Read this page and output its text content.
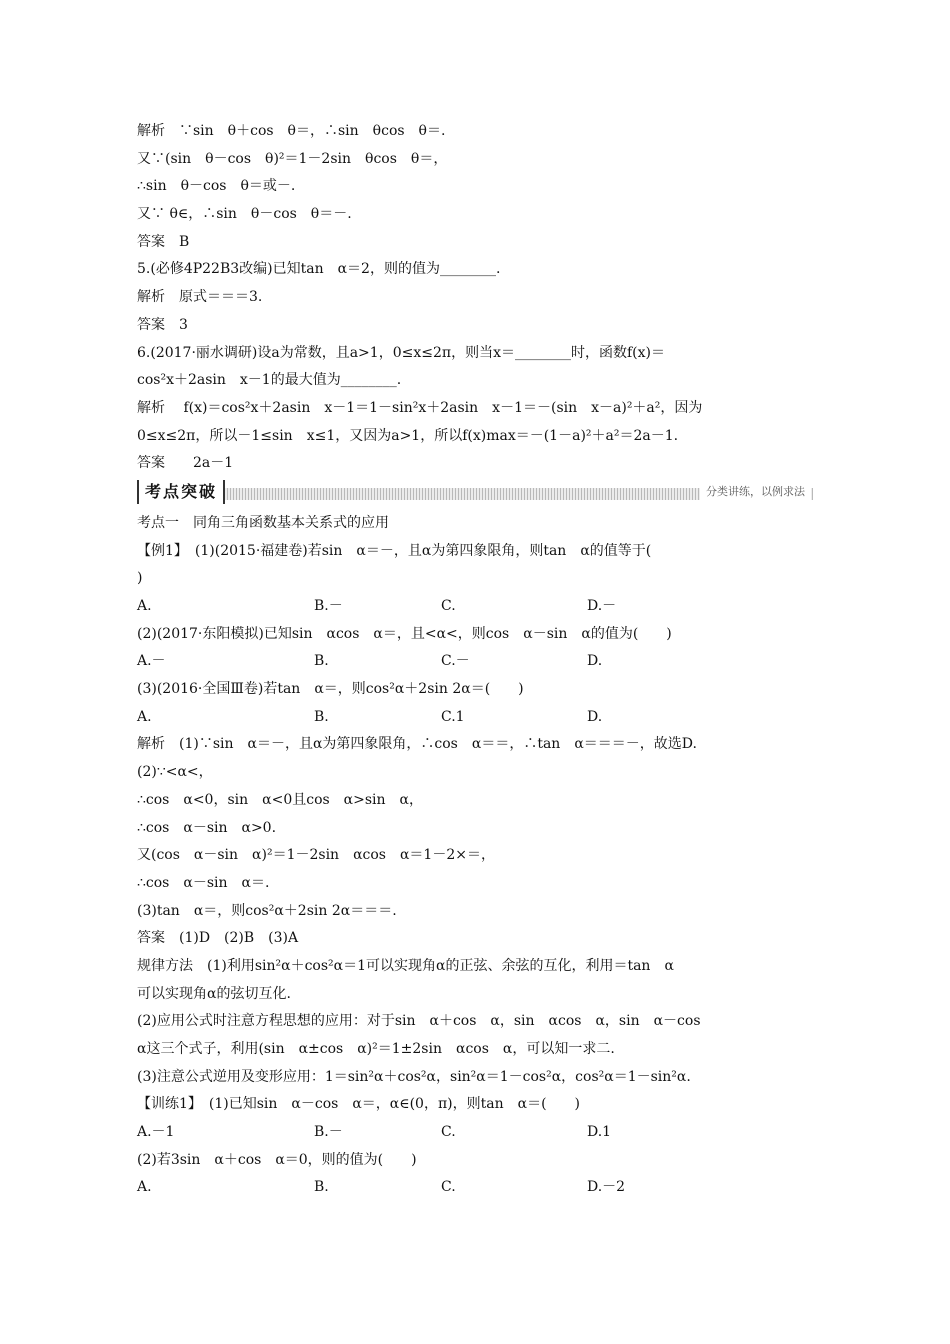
解析　∵sin　θ＋cos　θ＝，∴sin　θcos　θ＝.
又∵(sin　θ－cos　θ)²＝1－2sin　θcos　θ＝，
∴sin　θ－cos　θ＝或－.
又∵ θ∈，∴sin　θ－cos　θ＝－.
答案　B
5.(必修4P22B3改编)已知tan　α＝2，则的值为________.
解析　原式＝＝＝3.
答案　3
6.(2017·丽水调研)设a为常数，且a>1，0≤x≤2π，则当x＝________时，函数f(x)＝
cos²x＋2asin　x－1的最大值为________.
解析　 f(x)＝cos²x＋2asin　x－1＝1－sin²x＋2asin　x－1＝－(sin　x－a)²＋a²，因为
0≤x≤2π，所以－1≤sin　x≤1，又因为a>1，所以f(x)max＝－(1－a)²＋a²＝2a－1.
答案　　2a－1
考点突破	分类讲练，以例求法
考点一　同角三角函数基本关系式的应用
【例1】　(1)(2015·福建卷)若sin　α＝－，且α为第四象限角，则tan　α的值等于(
)
A.	B.－	C.	D.－
(2)(2017·东阳模拟)已知sin　αcos　α＝，且<α<，则cos　α－sin　α的值为(　　)
A.－	B.	C.－	D.
(3)(2016·全国Ⅲ卷)若tan　α＝，则cos²α＋2sin 2α＝(　　)
A.	B.	C.1	D.
解析　(1)∵sin　α＝－，且α为第四象限角，∴cos　α＝＝，∴tan　α＝＝＝－，故选D.
(2)∵<α<，
∴cos　α<0，sin　α<0且cos　α>sin　α，
∴cos　α－sin　α>0.
又(cos　α－sin　α)²＝1－2sin　αcos　α＝1－2×＝，
∴cos　α－sin　α＝.
(3)tan　α＝，则cos²α＋2sin 2α＝＝＝.
答案　(1)D　(2)B　(3)A
规律方法　(1)利用sin²α＋cos²α＝1可以实现角α的正弦、余弦的互化，利用＝tan　α
可以实现角α的弦切互化.
(2)应用公式时注意方程思想的应用：对于sin　α＋cos　α，sin　αcos　α，sin　α－cos
α这三个式子，利用(sin　α±cos　α)²＝1±2sin　αcos　α，可以知一求二.
(3)注意公式逆用及变形应用：1＝sin²α＋cos²α，sin²α＝1－cos²α，cos²α＝1－sin²α.
【训练1】　(1)已知sin　α－cos　α＝，α∈(0，π)，则tan　α＝(　　)
A.－1	B.－	C.	D.1
(2)若3sin　α＋cos　α＝0，则的值为(　　)
A.	B.	C.	D.－2
